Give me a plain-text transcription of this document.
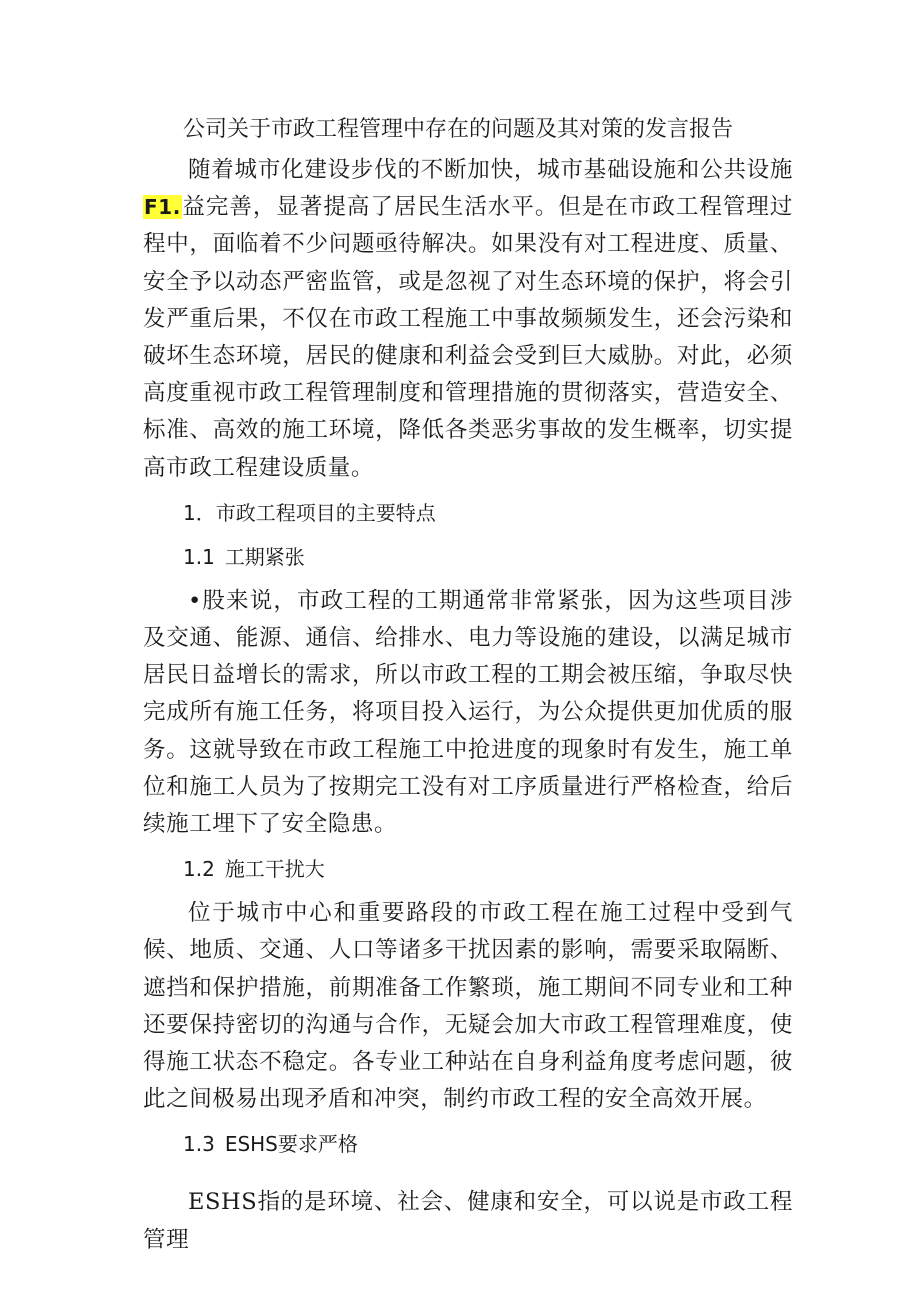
公司关于市政工程管理中存在的问题及其对策的发言报告

随着城市化建设步伐的不断加快，城市基础设施和公共设施F1.益完善，显著提高了居民生活水平。但是在市政工程管理过程中，面临着不少问题亟待解决。如果没有对工程进度、质量、安全予以动态严密监管，或是忽视了对生态环境的保护，将会引发严重后果，不仅在市政工程施工中事故频频发生，还会污染和破坏生态环境，居民的健康和利益会受到巨大威胁。对此，必须高度重视市政工程管理制度和管理措施的贯彻落实，营造安全、标准、高效的施工环境，降低各类恶劣事故的发生概率，切实提高市政工程建设质量。

1．市政工程项目的主要特点

1.1 工期紧张

•股来说，市政工程的工期通常非常紧张，因为这些项目涉及交通、能源、通信、给排水、电力等设施的建设，以满足城市居民日益增长的需求，所以市政工程的工期会被压缩，争取尽快完成所有施工任务，将项目投入运行，为公众提供更加优质的服务。这就导致在市政工程施工中抢进度的现象时有发生，施工单位和施工人员为了按期完工没有对工序质量进行严格检查，给后续施工埋下了安全隐患。

1.2 施工干扰大

位于城市中心和重要路段的市政工程在施工过程中受到气候、地质、交通、人口等诸多干扰因素的影响，需要采取隔断、遮挡和保护措施，前期准备工作繁琐，施工期间不同专业和工种还要保持密切的沟通与合作，无疑会加大市政工程管理难度，使得施工状态不稳定。各专业工种站在自身利益角度考虑问题，彼此之间极易出现矛盾和冲突，制约市政工程的安全高效开展。

1.3 ESHS要求严格

ESHS指的是环境、社会、健康和安全，可以说是市政工程管理
